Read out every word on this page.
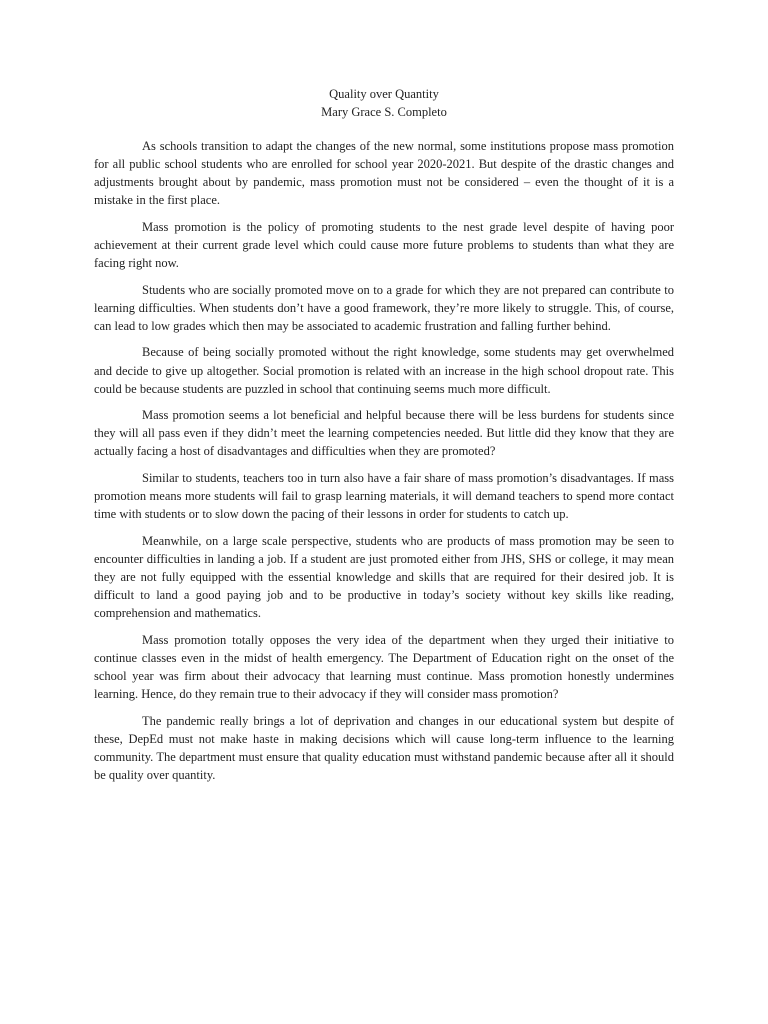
Quality over Quantity
Mary Grace S. Completo

As schools transition to adapt the changes of the new normal, some institutions propose mass promotion for all public school students who are enrolled for school year 2020-2021. But despite of the drastic changes and adjustments brought about by pandemic, mass promotion must not be considered – even the thought of it is a mistake in the first place.

Mass promotion is the policy of promoting students to the nest grade level despite of having poor achievement at their current grade level which could cause more future problems to students than what they are facing right now.

Students who are socially promoted move on to a grade for which they are not prepared can contribute to learning difficulties. When students don’t have a good framework, they’re more likely to struggle. This, of course, can lead to low grades which then may be associated to academic frustration and falling further behind.

Because of being socially promoted without the right knowledge, some students may get overwhelmed and decide to give up altogether. Social promotion is related with an increase in the high school dropout rate. This could be because students are puzzled in school that continuing seems much more difficult.

Mass promotion seems a lot beneficial and helpful because there will be less burdens for students since they will all pass even if they didn’t meet the learning competencies needed. But little did they know that they are actually facing a host of disadvantages and difficulties when they are promoted?

Similar to students, teachers too in turn also have a fair share of mass promotion’s disadvantages. If mass promotion means more students will fail to grasp learning materials, it will demand teachers to spend more contact time with students or to slow down the pacing of their lessons in order for students to catch up.

Meanwhile, on a large scale perspective, students who are products of mass promotion may be seen to encounter difficulties in landing a job. If a student are just promoted either from JHS, SHS or college, it may mean they are not fully equipped with the essential knowledge and skills that are required for their desired job. It is difficult to land a good paying job and to be productive in today’s society without key skills like reading, comprehension and mathematics.

Mass promotion totally opposes the very idea of the department when they urged their initiative to continue classes even in the midst of health emergency. The Department of Education right on the onset of the school year was firm about their advocacy that learning must continue. Mass promotion honestly undermines learning. Hence, do they remain true to their advocacy if they will consider mass promotion?

The pandemic really brings a lot of deprivation and changes in our educational system but despite of these, DepEd must not make haste in making decisions which will cause long-term influence to the learning community. The department must ensure that quality education must withstand pandemic because after all it should be quality over quantity.
